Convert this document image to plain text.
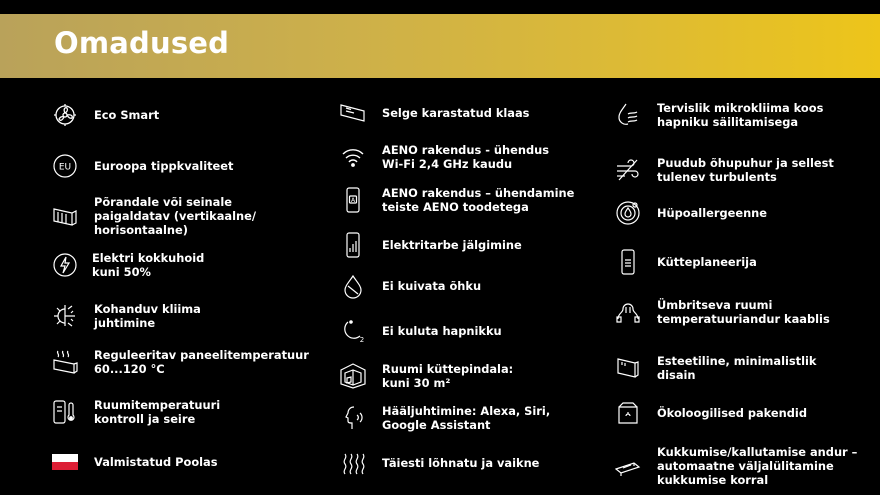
Omadused
Eco Smart
EU Euroopa tippkvaliteet
Põrandale või seinale
paigaldatav (vertikaalne/
horisontaalne)
Elektri kokkuhoid
kuni 50%
Kohanduv kliima
juhtimine
Reguleeritav paneelitemperatuur
60...120 °C
Ruumitemperatuuri
kontroll ja seire
Valmistatud Poolas
Selge karastatud klaas
AENO rakendus - ühendus
Wi-Fi 2,4 GHz kaudu
A
AENO rakendus – ühendamine
teiste AENO toodetega
Elektritarbe jälgimine
Ei kuivata õhku
2
Ei kuluta hapnikku
Ruumi küttepindala:
kuni 30 m²
Hääljuhtimine: Alexa, Siri,
Google Assistant
Täiesti lõhnatu ja vaikne
Tervislik mikrokliima koos
hapniku säilitamisega
Puudub õhupuhur ja sellest
tulenev turbulents
Hüpoallergeenne
Kütteplaneerija
Ümbritseva ruumi
temperatuuriandur kaablis
Esteetiline, minimalistlik
disain
Ökoloogilised pakendid
Kukkumise/kallutamise andur –
automaatne väljalülitamine
kukkumise korral
